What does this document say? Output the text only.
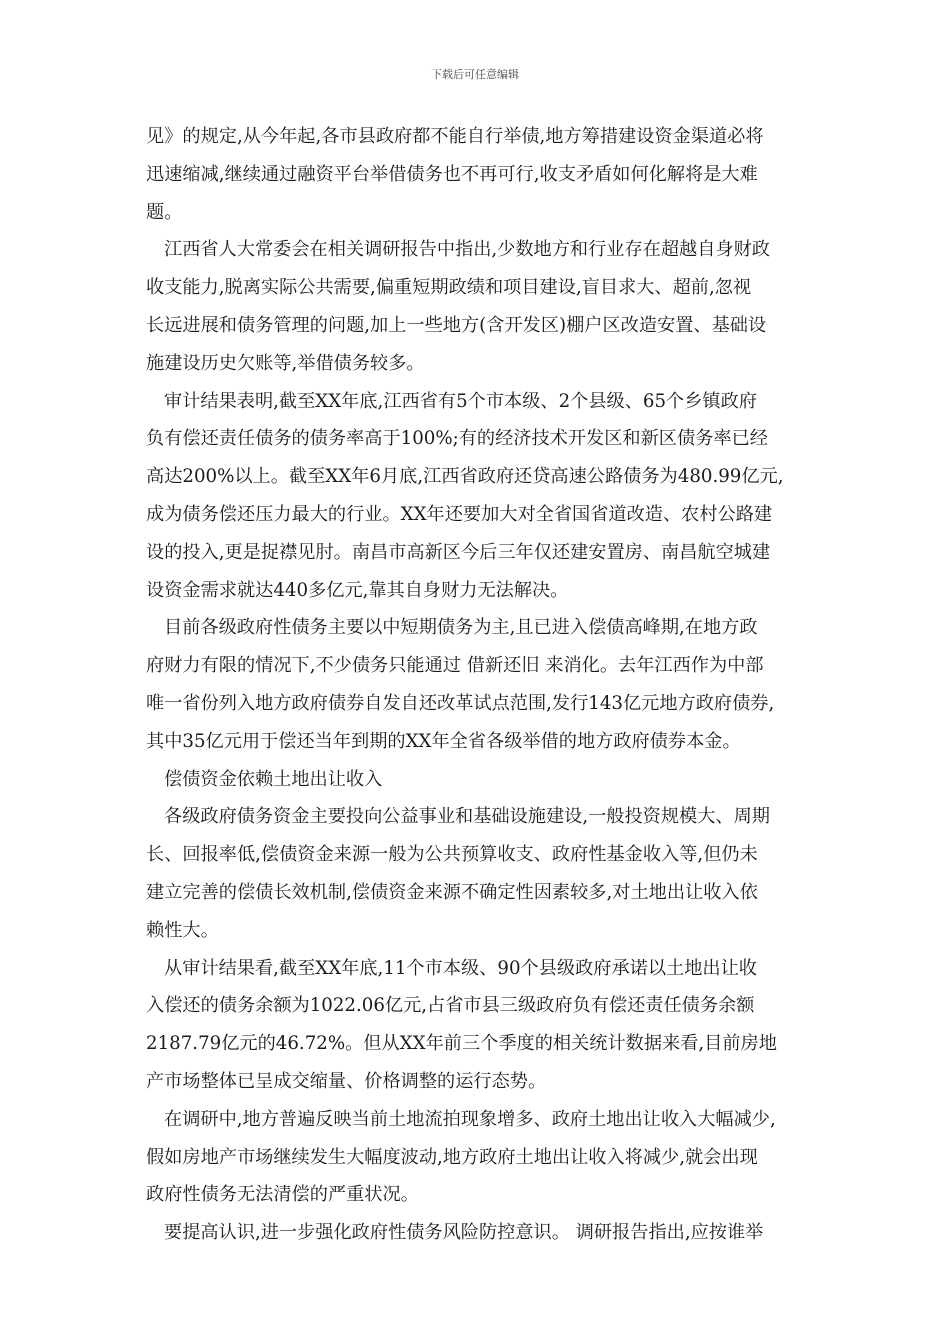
下载后可任意编辑
见》的规定,从今年起,各市县政府都不能自行举债,地方筹措建设资金渠道必将
迅速缩减,继续通过融资平台举借债务也不再可行,收支矛盾如何化解将是大难
题。
江西省人大常委会在相关调研报告中指出,少数地方和行业存在超越自身财政
收支能力,脱离实际公共需要,偏重短期政绩和项目建设,盲目求大、超前,忽视
长远进展和债务管理的问题,加上一些地方(含开发区)棚户区改造安置、基础设
施建设历史欠账等,举借债务较多。
审计结果表明,截至XX年底,江西省有5个市本级、2个县级、65个乡镇政府
负有偿还责任债务的债务率高于100%;有的经济技术开发区和新区债务率已经
高达200%以上。截至XX年6月底,江西省政府还贷高速公路债务为480.99亿元,
成为债务偿还压力最大的行业。XX年还要加大对全省国省道改造、农村公路建
设的投入,更是捉襟见肘。南昌市高新区今后三年仅还建安置房、南昌航空城建
设资金需求就达440多亿元,靠其自身财力无法解决。
目前各级政府性债务主要以中短期债务为主,且已进入偿债高峰期,在地方政
府财力有限的情况下,不少债务只能通过 借新还旧 来消化。去年江西作为中部
唯一省份列入地方政府债券自发自还改革试点范围,发行143亿元地方政府债券,
其中35亿元用于偿还当年到期的XX年全省各级举借的地方政府债券本金。
偿债资金依赖土地出让收入
各级政府债务资金主要投向公益事业和基础设施建设,一般投资规模大、周期
长、回报率低,偿债资金来源一般为公共预算收支、政府性基金收入等,但仍未
建立完善的偿债长效机制,偿债资金来源不确定性因素较多,对土地出让收入依
赖性大。
从审计结果看,截至XX年底,11个市本级、90个县级政府承诺以土地出让收
入偿还的债务余额为1022.06亿元,占省市县三级政府负有偿还责任债务余额
2187.79亿元的46.72%。但从XX年前三个季度的相关统计数据来看,目前房地
产市场整体已呈成交缩量、价格调整的运行态势。
在调研中,地方普遍反映当前土地流拍现象增多、政府土地出让收入大幅减少,
假如房地产市场继续发生大幅度波动,地方政府土地出让收入将减少,就会出现
政府性债务无法清偿的严重状况。
要提高认识,进一步强化政府性债务风险防控意识。 调研报告指出,应按谁举
